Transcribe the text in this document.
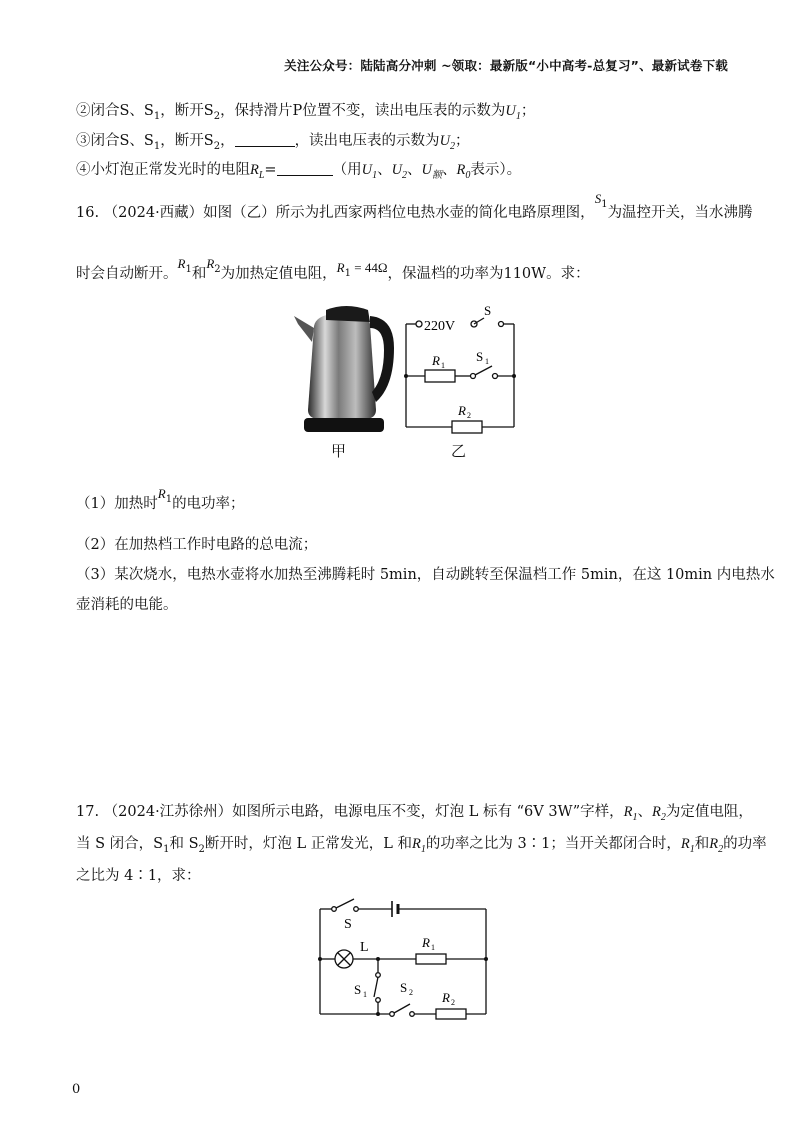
关注公众号：陆陆高分冲刺 ~领取：最新版“小中高考-总复习”、最新试卷下载
②闭合S、$S_1$，断开$S_2$，保持滑片P位置不变，读出电压表的示数为$U_1$；
③闭合S、$S_1$，断开$S_2$，	，读出电压表的示数为$U_2$；
④小灯泡正常发光时的电阻$R_L=$	（用$U_1$、$U_2$、$U_额$、$R_0$表示）。
16. （2024·西藏）如图（乙）所示为扎西家两档位电热水壶的简化电路原理图，$S_1$为温控开关，当水沸腾
时会自动断开。$R_1$和$R_2$为加热定值电阻，$R_1 = 44\Omega$，保温档的功率为110W。求：
甲
220V
S
R 1
S 1
R 2
乙
（1）加热时$R_1$的电功率；
（2）在加热档工作时电路的总电流；
（3）某次烧水，电热水壶将水加热至沸腾耗时 5min，自动跳转至保温档工作 5min，在这 10min 内电热水
壶消耗的电能。
17. （2024·江苏徐州）如图所示电路，电源电压不变，灯泡 L 标有 “6V 3W”字样，$R_1$、$R_2$为定值电阻，
当 S 闭合，$S_1$和 $S_2$断开时，灯泡 L 正常发光，L 和$R_1$的功率之比为 3∶1；当开关都闭合时，$R_1$和$R_2$的功率
之比为 4∶1，求：
S
L	R 1
S 1	S 2 R 2
0
